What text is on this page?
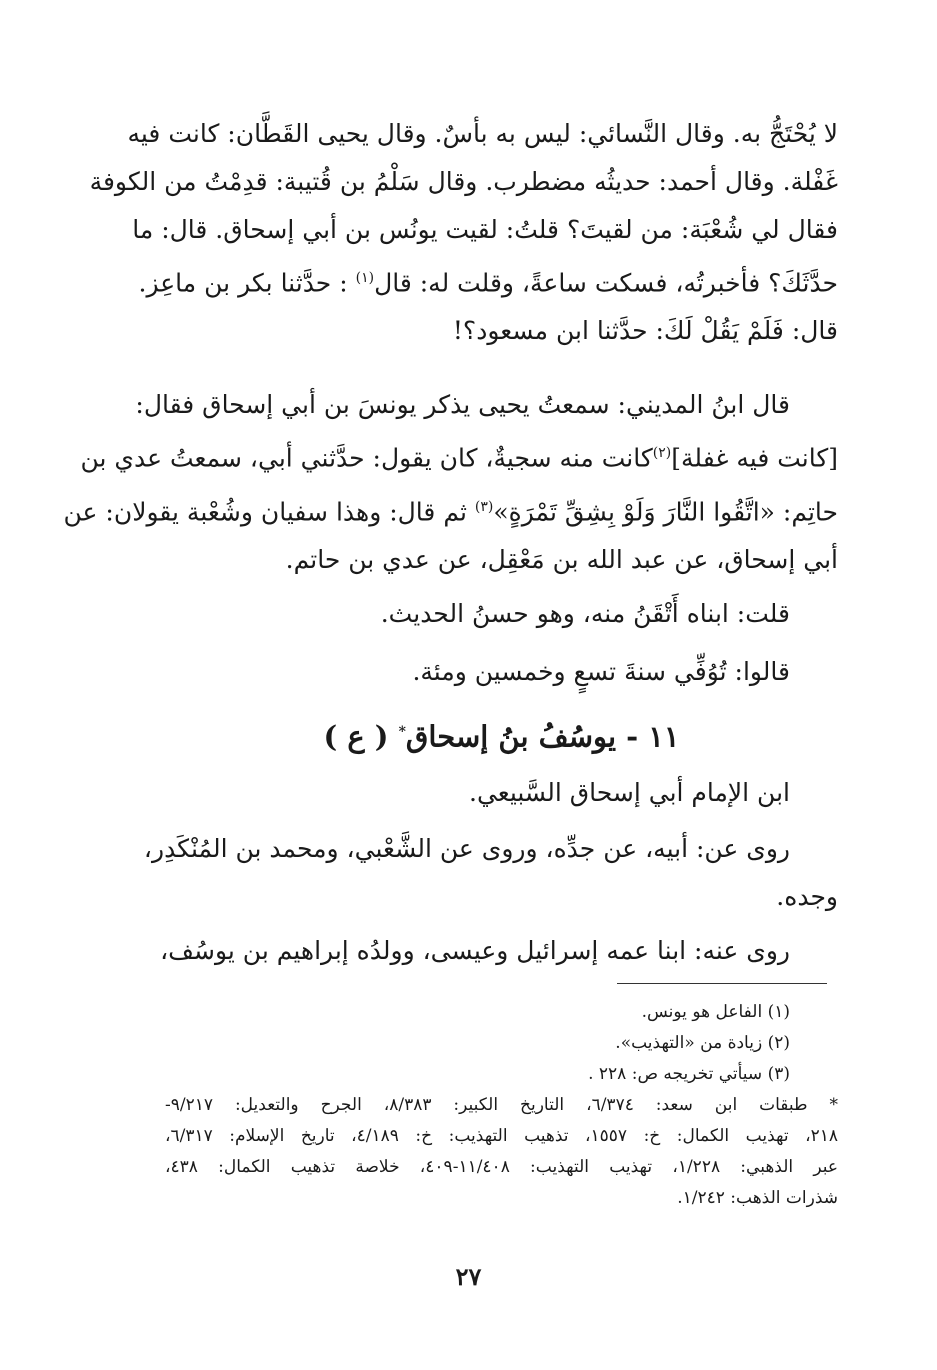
لا يُحْتَجُّ به. وقال النَّسائي: ليس به بأسٌ. وقال يحيى القَطَّان: كانت فيه

غَفْلة. وقال أحمد: حديثُه مضطرب. وقال سَلْمُ بن قُتيبة: قدِمْتُ من الكوفة

فقال لي شُعْبَة: من لقيتَ؟ قلتُ: لقيت يونُس بن أبي إسحاق. قال: ما

حدَّثَكَ؟ فأخبرتُه، فسكت ساعةً، وقلت له: قال$^{(١)}$ : حدَّثنا بكر بن ماعِز.

قال: فَلَمْ يَقُلْ لَكَ: حدَّثنا ابن مسعود؟!

قال ابنُ المديني: سمعتُ يحيى يذكر يونسَ بن أبي إسحاق فقال:

[كانت فيه غفلة]$^{(٢)}$كانت منه سجيةٌ، كان يقول: حدَّثني أبي، سمعتُ عدي بن

حاتِم: «اتَّقُوا النَّارَ وَلَوْ بِشِقِّ تَمْرَةٍ»$^{(٣)}$ ثم قال: وهذا سفيان وشُعْبة يقولان: عن

أبي إسحاق، عن عبد الله بن مَعْقِل، عن عدي بن حاتم.

قلت: ابناه أَتْقَنُ منه، وهو حسنُ الحديث.

قالوا: تُوُفِّي سنةَ تسعٍ وخمسين ومئة.

١١ - يوسُفُ بنُ إسحاق* ( ع )

ابن الإمام أبي إسحاق السَّبيعي.

روى عن: أبيه، عن جدِّه، وروى عن الشَّعْبي، ومحمد بن المُنْكَدِر،

وجده.

روى عنه: ابنا عمه إسرائيل وعيسى، وولدُه إبراهيم بن يوسُف،

(١) الفاعل هو يونس.

(٢) زيادة من «التهذيب».

(٣) سيأتي تخريجه ص: ٢٢٨ .

* طبقات ابن سعد: ٦/٣٧٤، التاريخ الكبير: ٨/٣٨٣، الجرح والتعديل: ٩/٢١٧-

٢١٨، تهذيب الكمال: خ: ١٥٥٧، تذهيب التهذيب: خ: ٤/١٨٩، تاريخ الإسلام: ٦/٣١٧،

عبر الذهبي: ١/٢٢٨، تهذيب التهذيب: ١١/٤٠٨-٤٠٩، خلاصة تذهيب الكمال: ٤٣٨،

شذرات الذهب: ١/٢٤٢.

٢٧
